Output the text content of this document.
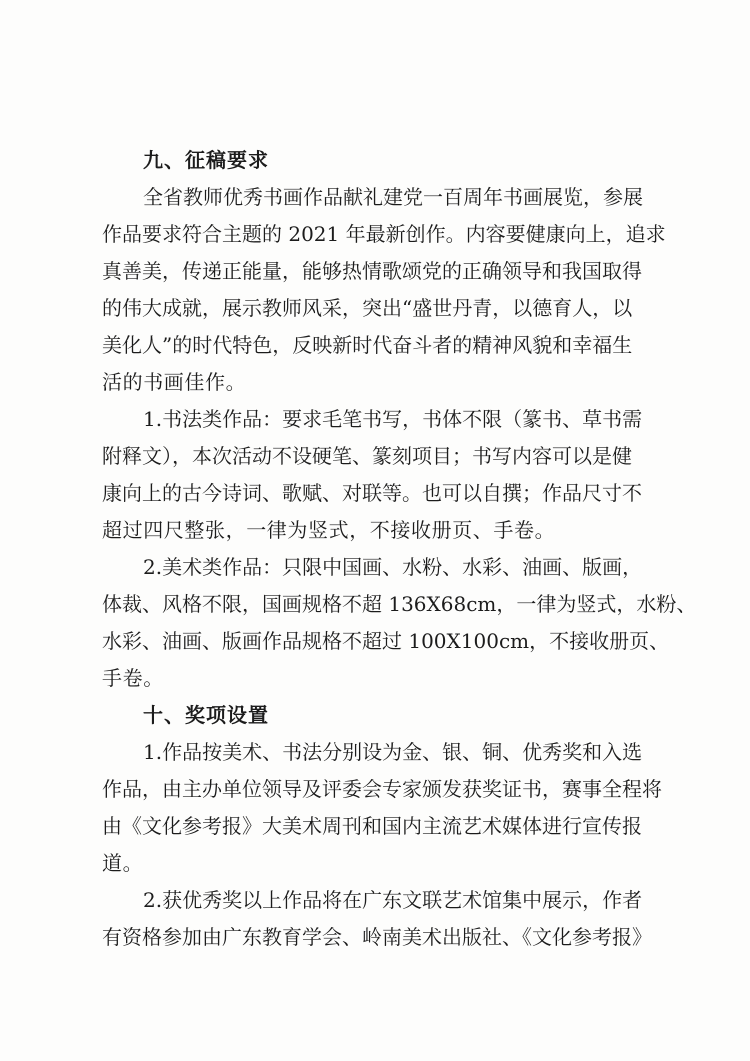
九、征稿要求
全省教师优秀书画作品献礼建党一百周年书画展览，参展
作品要求符合主题的 2021 年最新创作。内容要健康向上，追求
真善美，传递正能量，能够热情歌颂党的正确领导和我国取得
的伟大成就，展示教师风采，突出“盛世丹青，以德育人，以
美化人”的时代特色，反映新时代奋斗者的精神风貌和幸福生
活的书画佳作。
1.书法类作品：要求毛笔书写，书体不限（篆书、草书需
附释文），本次活动不设硬笔、篆刻项目；书写内容可以是健
康向上的古今诗词、歌赋、对联等。也可以自撰；作品尺寸不
超过四尺整张，一律为竖式，不接收册页、手卷。
2.美术类作品：只限中国画、水粉、水彩、油画、版画，
体裁、风格不限，国画规格不超 136X68cm，一律为竖式，水粉、
水彩、油画、版画作品规格不超过 100X100cm，不接收册页、
手卷。
十、奖项设置
1.作品按美术、书法分别设为金、银、铜、优秀奖和入选
作品，由主办单位领导及评委会专家颁发获奖证书，赛事全程将
由《文化参考报》大美术周刊和国内主流艺术媒体进行宣传报
道。
2.获优秀奖以上作品将在广东文联艺术馆集中展示，作者
有资格参加由广东教育学会、岭南美术出版社、《文化参考报》
